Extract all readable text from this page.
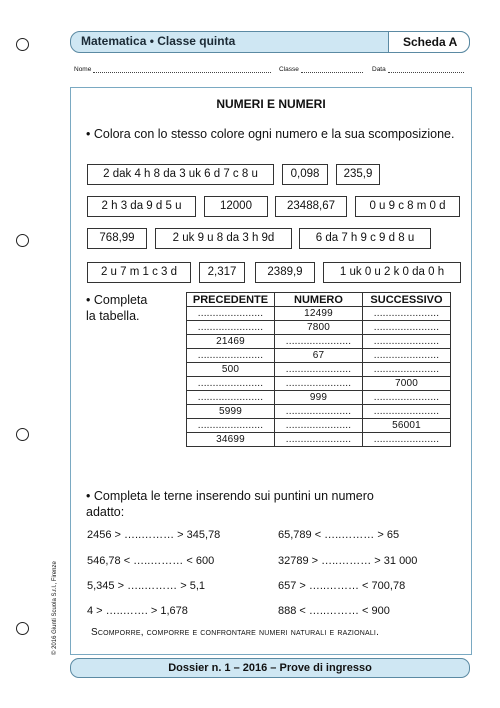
Matematica • Classe quinta	Scheda A
Nome	Classe	Data
NUMERI E NUMERI
• Colora con lo stesso colore ogni numero e la sua scomposizione.
2 dak 4 h 8 da 3 uk 6 d 7 c 8 u	0,098	235,9
2 h 3 da 9 d 5 u	12000	23488,67	0 u 9 c 8 m 0 d
768,99	2 uk 9 u 8 da 3 h 9d	6 da 7 h 9 c 9 d 8 u
2 u 7 m 1 c 3 d	2,317	2389,9	1 uk 0 u 2 k 0 da 0 h
• Completa
la tabella.
PRECEDENTE	NUMERO	SUCCESSIVO
......................	12499	......................
......................	7800	......................
21469	......................	......................
......................	67	......................
500	......................	......................
......................	......................	7000
......................	999	......................
5999	......................	......................
......................	......................	56001
34699	......................	......................
• Completa le terne inserendo sui puntini un numero
adatto:
2456 > …..……… > 345,78
546,78 < …..……… < 600
5,345 > …..……… > 5,1
4 > …..……. > 1,678
65,789 < …..……… > 65
32789 > …..……… > 31 000
657 > …..……… < 700,78
888 < …..……… < 900
Scomporre, comporre e confrontare numeri naturali e razionali.
© 2016 Giunti Scuola S.r.l., Firenze
Dossier n. 1 – 2016 – Prove di ingresso
